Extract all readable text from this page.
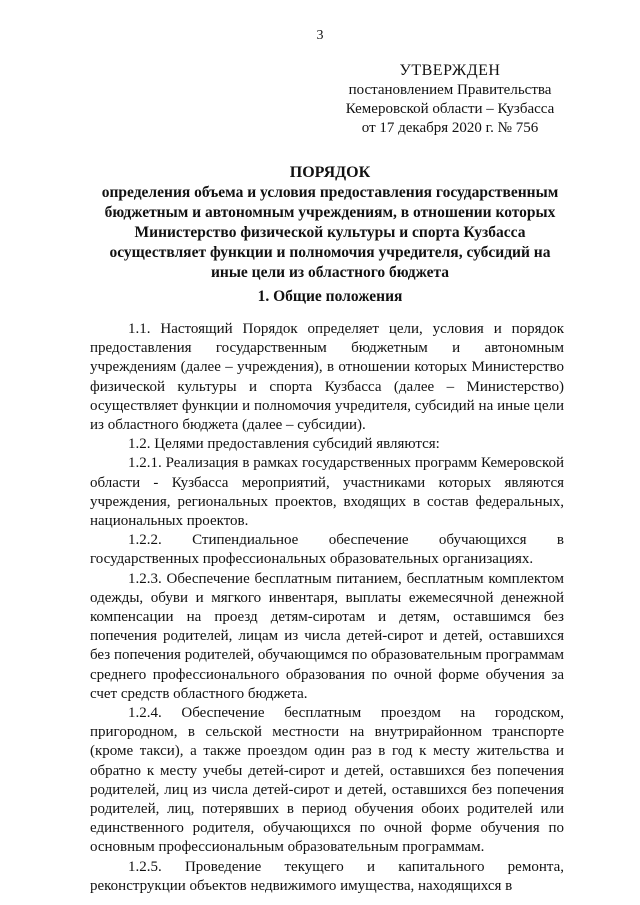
3
УТВЕРЖДЕН
постановлением Правительства
Кемеровской области – Кузбасса
от 17 декабря 2020 г. № 756
ПОРЯДОК
определения объема и условия предоставления государственным бюджетным и автономным учреждениям, в отношении которых Министерство физической культуры и спорта Кузбасса осуществляет функции и полномочия учредителя, субсидий на иные цели из областного бюджета
1. Общие положения

1.1. Настоящий Порядок определяет цели, условия и порядок предоставления государственным бюджетным и автономным учреждениям (далее – учреждения), в отношении которых Министерство физической культуры и спорта Кузбасса (далее – Министерство) осуществляет функции и полномочия учредителя, субсидий на иные цели из областного бюджета (далее – субсидии).

1.2. Целями предоставления субсидий являются:

1.2.1. Реализация в рамках государственных программ Кемеровской области - Кузбасса мероприятий, участниками которых являются учреждения, региональных проектов, входящих в состав федеральных, национальных проектов.

1.2.2. Стипендиальное обеспечение обучающихся в государственных профессиональных образовательных организациях.

1.2.3. Обеспечение бесплатным питанием, бесплатным комплектом одежды, обуви и мягкого инвентаря, выплаты ежемесячной денежной компенсации на проезд детям-сиротам и детям, оставшимся без попечения родителей, лицам из числа детей-сирот и детей, оставшихся без попечения родителей, обучающимся по образовательным программам среднего профессионального образования по очной форме обучения за счет средств областного бюджета.

1.2.4. Обеспечение бесплатным проездом на городском, пригородном, в сельской местности на внутрирайонном транспорте (кроме такси), а также проездом один раз в год к месту жительства и обратно к месту учебы детей-сирот и детей, оставшихся без попечения родителей, лиц из числа детей-сирот и детей, оставшихся без попечения родителей, лиц, потерявших в период обучения обоих родителей или единственного родителя, обучающихся по очной форме обучения по основным профессиональным образовательным программам.

1.2.5. Проведение текущего и капитального ремонта, реконструкции объектов недвижимого имущества, находящихся в
